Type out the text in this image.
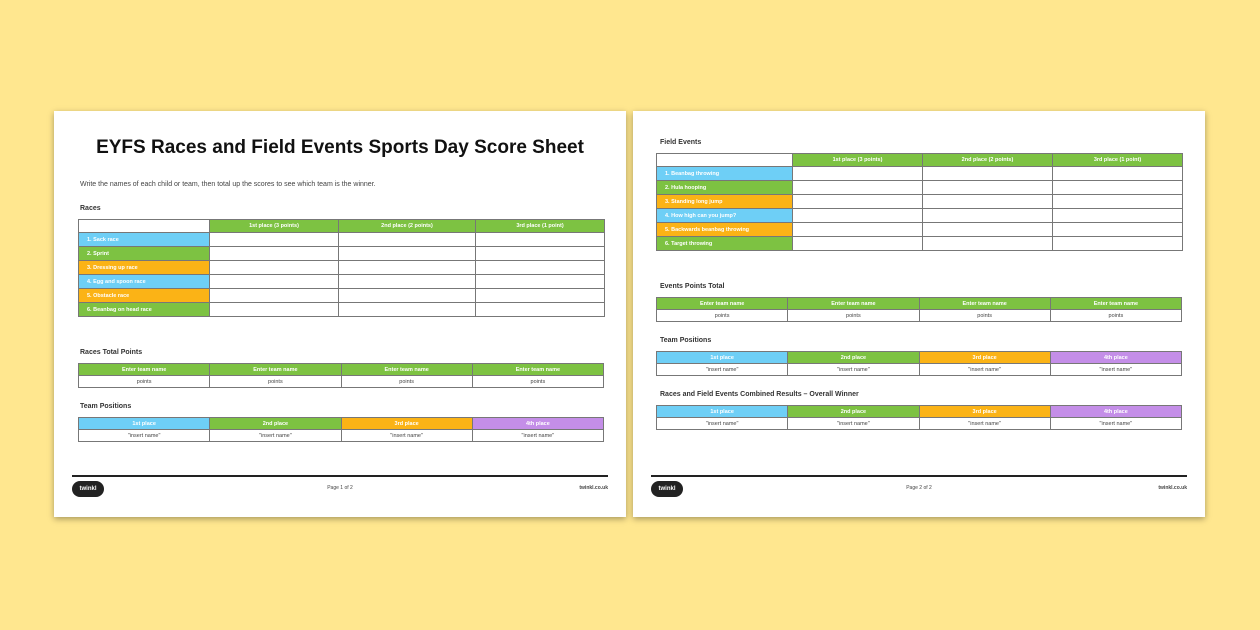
EYFS Races and Field Events Sports Day Score Sheet
Write the names of each child or team, then total up the scores to see which team is the winner.
Races
	1st place (3 points)	2nd place (2 points)	3rd place (1 point)
1. Sack race			
2. Sprint			
3. Dressing up race			
4. Egg and spoon race			
5. Obstacle race			
6. Beanbag on head race			
Races Total Points
Enter team name	Enter team name	Enter team name	Enter team name
points	points	points	points
Team Positions
1st place	2nd place	3rd place	4th place
"insert name"	"insert name"	"insert name"	"insert name"
twinkl	Page 1 of 2	twinkl.co.uk
Field Events
	1st place (3 points)	2nd place (2 points)	3rd place (1 point)
1. Beanbag throwing			
2. Hula hooping			
3. Standing long jump			
4. How high can you jump?			
5. Backwards beanbag throwing			
6. Target throwing			
Events Points Total
Enter team name	Enter team name	Enter team name	Enter team name
points	points	points	points
Team Positions
1st place	2nd place	3rd place	4th place
"insert name"	"insert name"	"insert name"	"insert name"
Races and Field Events Combined Results – Overall Winner
1st place	2nd place	3rd place	4th place
"insert name"	"insert name"	"insert name"	"insert name"
twinkl	Page 2 of 2	twinkl.co.uk
